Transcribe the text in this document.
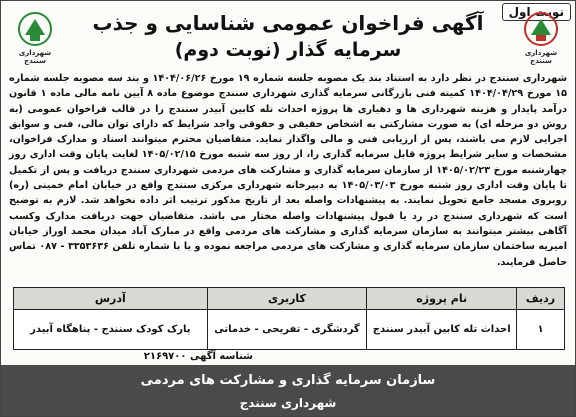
نوبت اول
شهرداری سنندج
شهرداری سنندج
آگهی فراخوان عمومی شناسایی و جذب
سرمایه گذار (نوبت دوم)
شهرداری سنندج در نظر دارد به استناد بند یک مصوبه جلسه شماره ۱۹ مورخ ۱۴۰۴/۰۶/۲۶ و بند سه مصوبه جلسه شماره ۱۵ مورخ ۱۴۰۴/۰۴/۲۹ کمیته فنی بازرگانی سرمایه گذاری شهرداری سنندج موضوع ماده ۸ آیین نامه مالی ماده ۱ قانون درآمد پایدار و هزینه شهرداری ها و دهیاری ها پروژه احداث تله کابین آبیدر سنندج را در قالب فراخوان عمومی (به روش دو مرحله ای) به صورت مشارکتی به اشخاص حقیقی و حقوقی واجد شرایط که دارای توان مالی، فنی و سوابق اجرایی لازم می باشند، پس از ارزیابی فنی و مالی واگذار نماید. متقاضیان محترم میتوانند اسناد و مدارک فراخوان، مشخصات و سایر شرایط پروژه قابل سرمایه گذاری را، از روز سه شنبه مورخ ۱۴۰۵/۰۲/۱۵ لغایت پایان وقت اداری روز چهارشنبه مورخ ۱۴۰۵/۰۲/۲۳ از سازمان سرمایه گذاری و مشارکت های مردمی شهرداری سنندج دریافت و پس از تکمیل تا پایان وقت اداری روز شنبه مورخ ۱۴۰۵/۰۳/۰۳ به دبیرخانه شهرداری مرکزی سنندج واقع در خیابان امام خمینی (ره) روبروی مسجد جامع تحویل نمایند. به پیشنهادات واصله بعد از تاریخ مذکور ترتیب اثر داده نخواهد شد. لازم به توضیح است که شهرداری سنندج در رد یا قبول پیشنهادات واصله مختار می باشد. متقاضیان جهت دریافت مدارک وکسب آگاهی بیشتر میتوانند به سازمان سرمایه گذاری و مشارکت های مردمی واقع در مبارک آباد میدان محمد اوراز خیابان امیریه ساختمان سازمان سرمایه گذاری و مشارکت های مردمی مراجعه نموده و یا با شماره تلفن ۳۳۵۳۶۳۶ - ۰۸۷ تماس حاصل فرمایند.
ردیف	نام پروژه	کاربری	آدرس
۱	احداث تله کابین آبیدر سنندج	گردشگری - تفریحی - خدماتی	پارک کودک سنندج - پناهگاه آبیدر
شناسه آگهی ۲۱۶۹۷۰۰
سازمان سرمایه گذاری و مشارکت های مردمی
شهرداری سنندج
